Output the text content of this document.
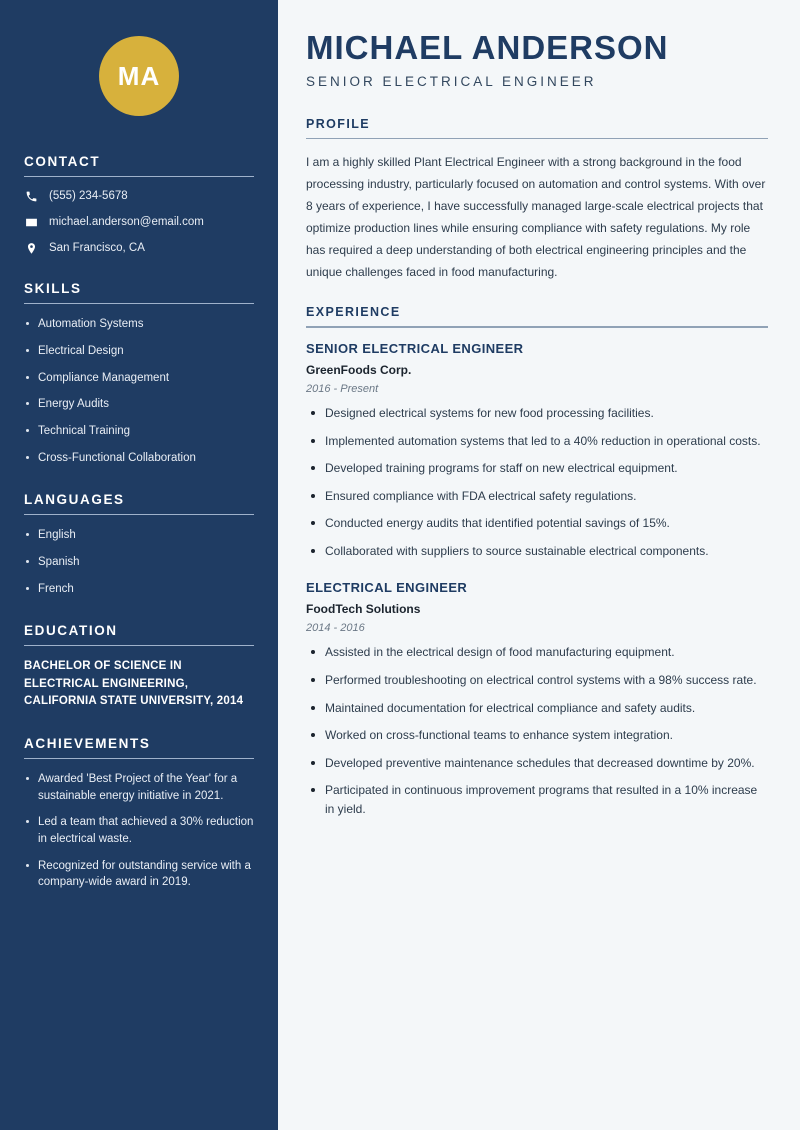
MA
CONTACT
(555) 234-5678
michael.anderson@email.com
San Francisco, CA
SKILLS
Automation Systems
Electrical Design
Compliance Management
Energy Audits
Technical Training
Cross-Functional Collaboration
LANGUAGES
English
Spanish
French
EDUCATION
BACHELOR OF SCIENCE IN ELECTRICAL ENGINEERING, CALIFORNIA STATE UNIVERSITY, 2014
ACHIEVEMENTS
Awarded 'Best Project of the Year' for a sustainable energy initiative in 2021.
Led a team that achieved a 30% reduction in electrical waste.
Recognized for outstanding service with a company-wide award in 2019.
MICHAEL ANDERSON
SENIOR ELECTRICAL ENGINEER
PROFILE

I am a highly skilled Plant Electrical Engineer with a strong background in the food processing industry, particularly focused on automation and control systems. With over 8 years of experience, I have successfully managed large-scale electrical projects that optimize production lines while ensuring compliance with safety regulations. My role has required a deep understanding of both electrical engineering principles and the unique challenges faced in food manufacturing.

EXPERIENCE
SENIOR ELECTRICAL ENGINEER
GreenFoods Corp.
2016 - Present
Designed electrical systems for new food processing facilities.
Implemented automation systems that led to a 40% reduction in operational costs.
Developed training programs for staff on new electrical equipment.
Ensured compliance with FDA electrical safety regulations.
Conducted energy audits that identified potential savings of 15%.
Collaborated with suppliers to source sustainable electrical components.
ELECTRICAL ENGINEER
FoodTech Solutions
2014 - 2016
Assisted in the electrical design of food manufacturing equipment.
Performed troubleshooting on electrical control systems with a 98% success rate.
Maintained documentation for electrical compliance and safety audits.
Worked on cross-functional teams to enhance system integration.
Developed preventive maintenance schedules that decreased downtime by 20%.
Participated in continuous improvement programs that resulted in a 10% increase in yield.
